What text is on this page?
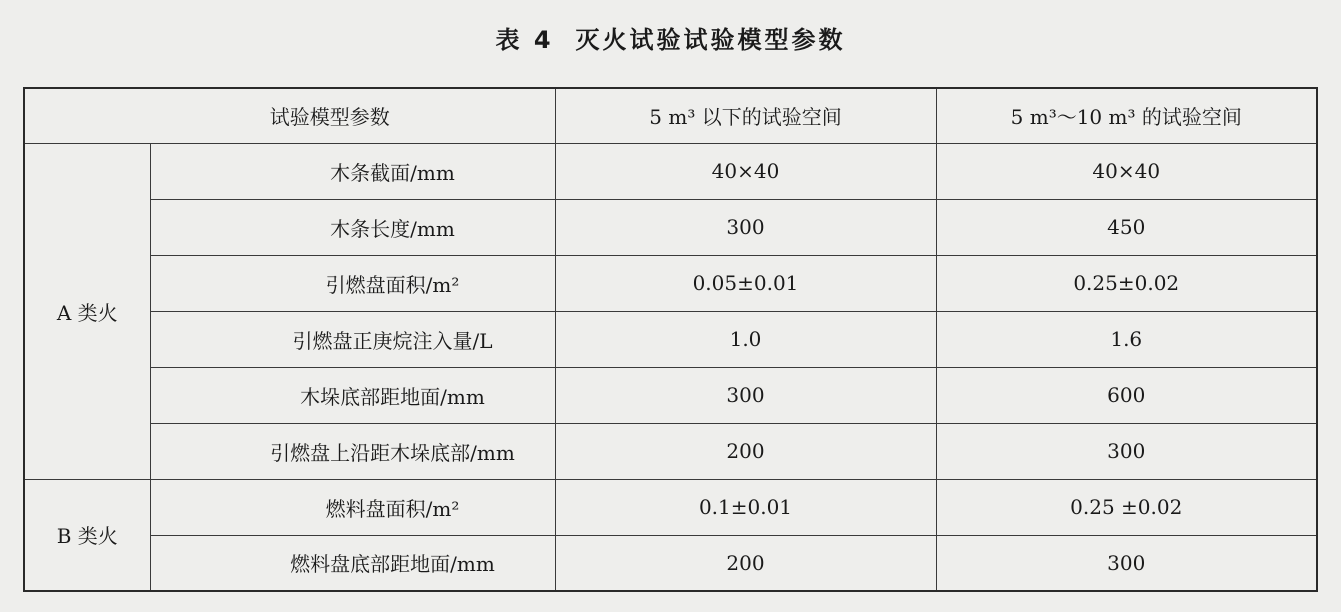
表 4 灭火试验试验模型参数
试验模型参数		5 m³ 以下的试验空间	5 m³～10 m³ 的试验空间
A 类火	木条截面/mm	40×40	40×40
	木条长度/mm	300	450
	引燃盘面积/m²	0.05±0.01	0.25±0.02
	引燃盘正庚烷注入量/L	1.0	1.6
	木垛底部距地面/mm	300	600
	引燃盘上沿距木垛底部/mm	200	300
B 类火	燃料盘面积/m²	0.1±0.01	0.25 ±0.02
	燃料盘底部距地面/mm	200	300
